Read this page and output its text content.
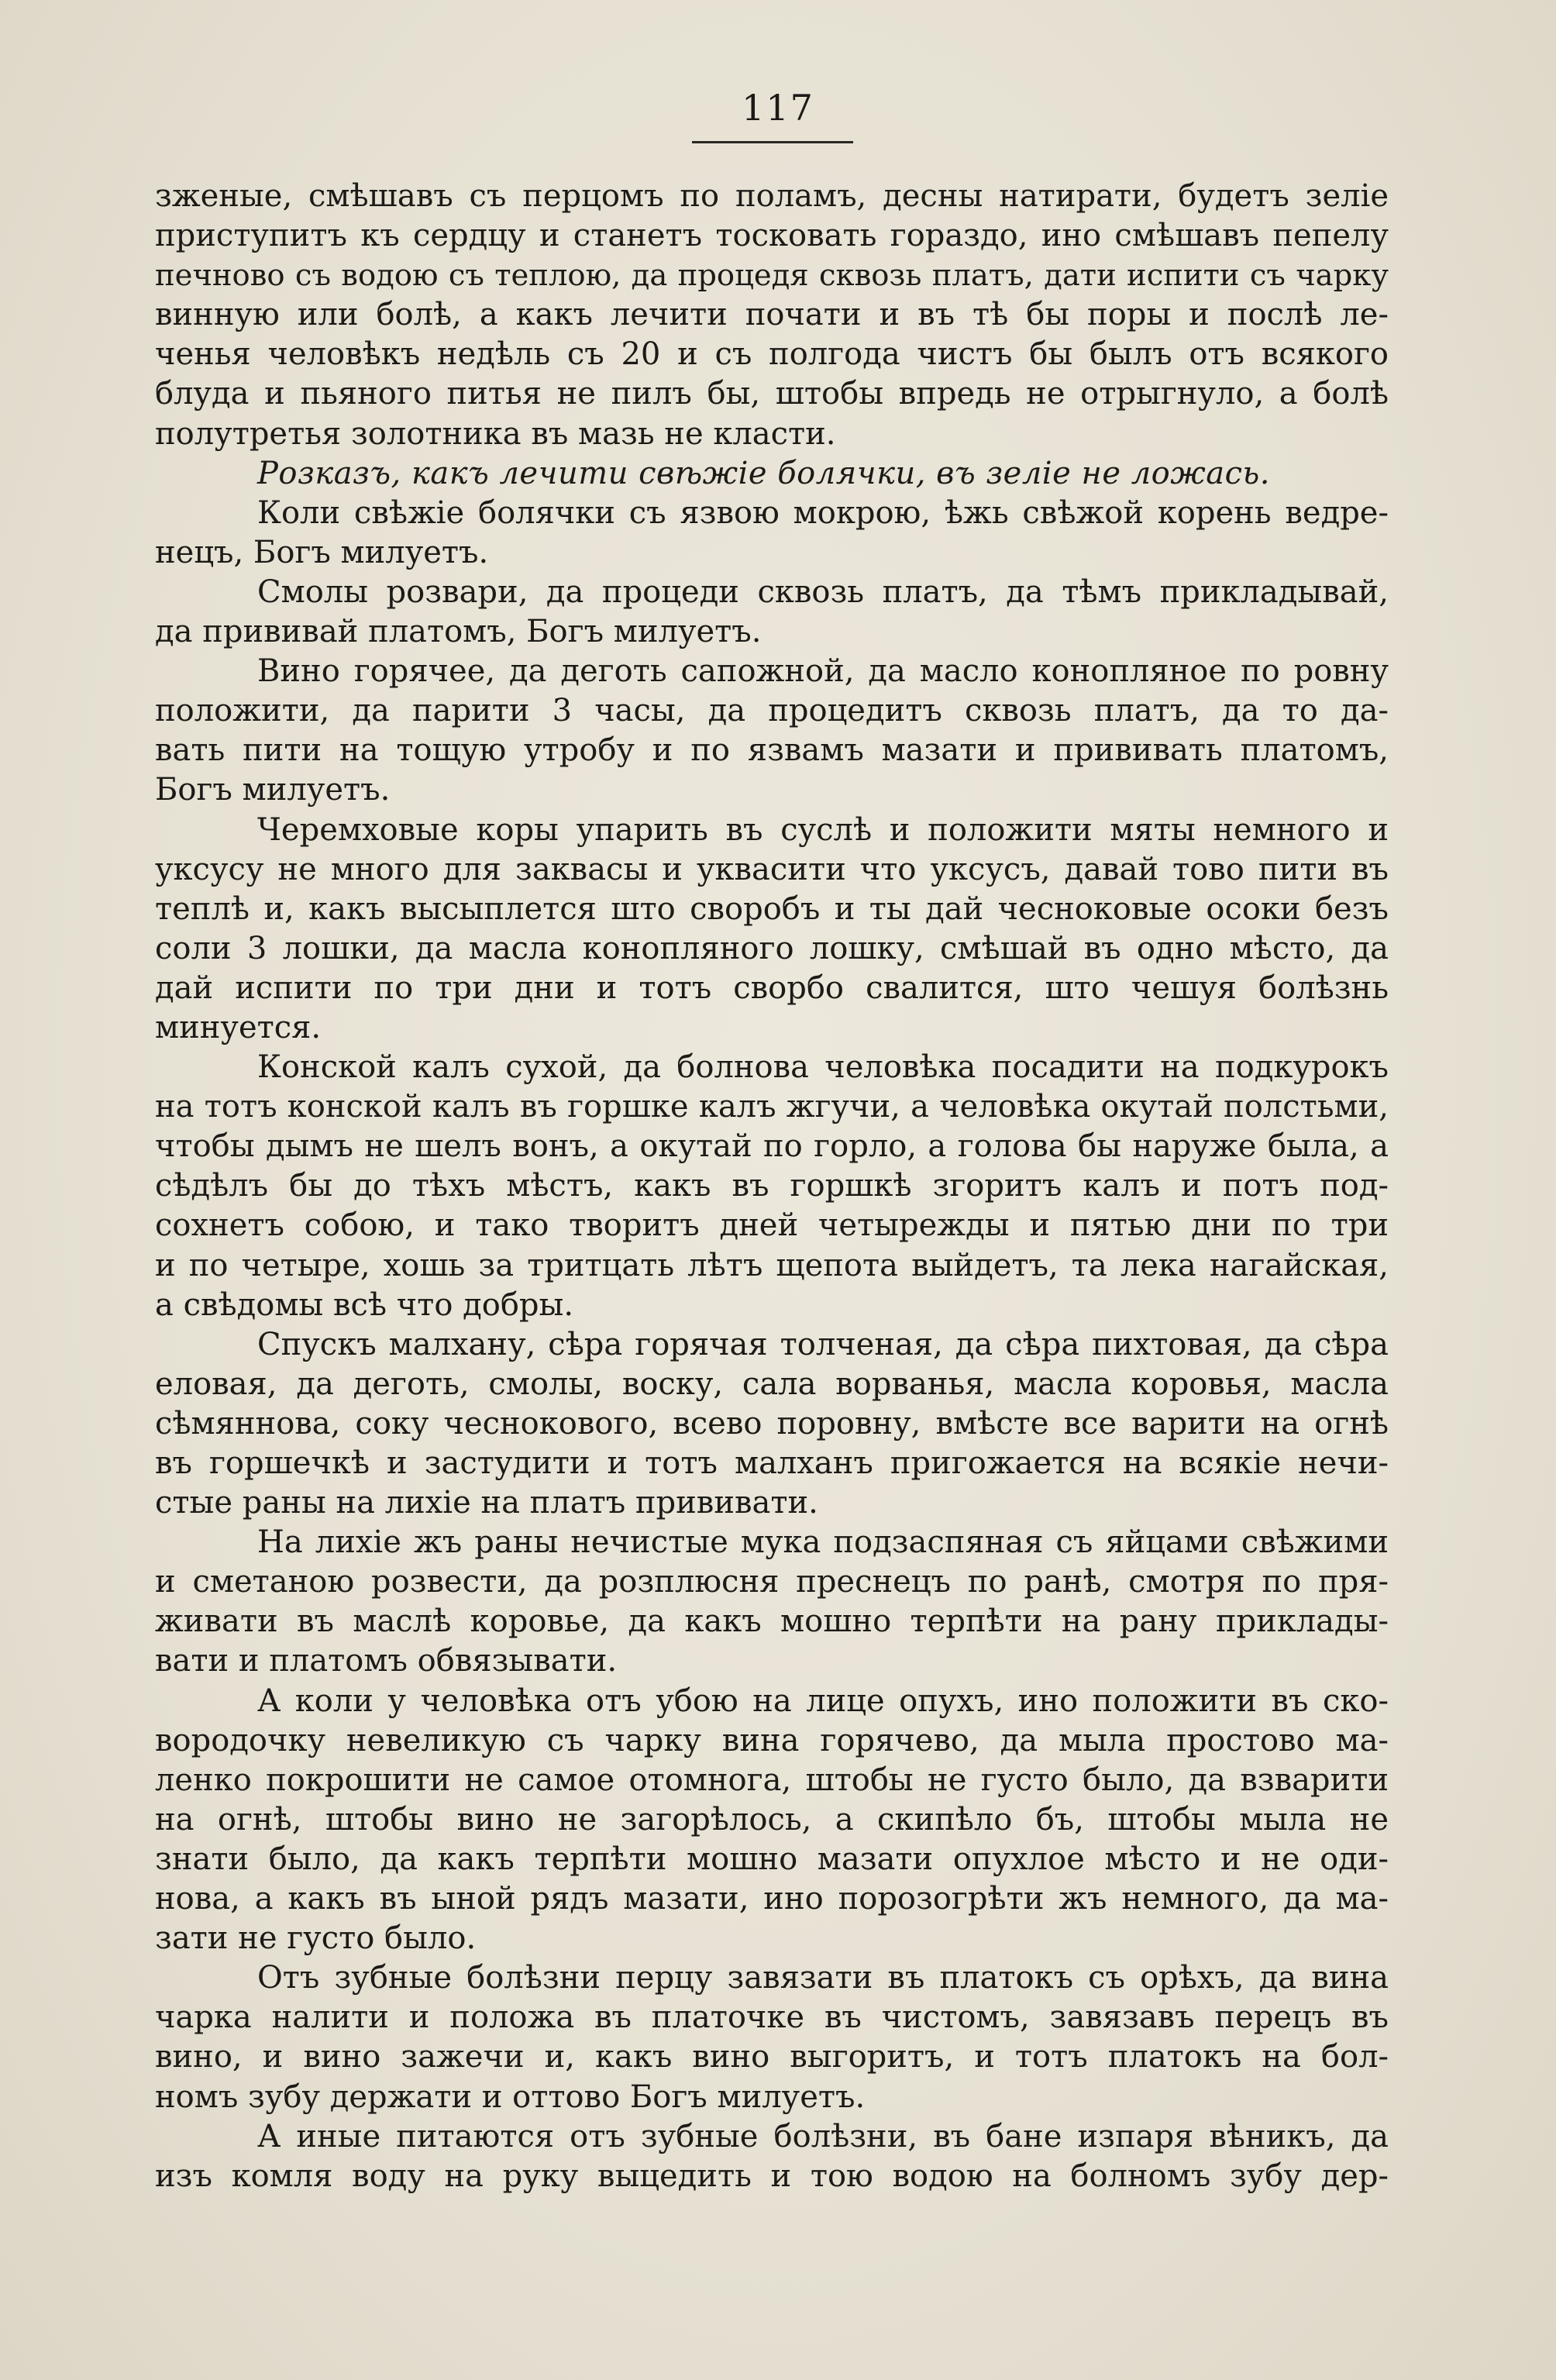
117
зженые, смѣшавъ съ перцомъ по поламъ, десны натирати, будетъ зеліе
приступитъ къ сердцу и станетъ тосковать гораздо, ино смѣшавъ пепелу
печново съ водою съ теплою, да процедя сквозь платъ, дати испити съ чарку
винную или болѣ, а какъ лечити почати и въ тѣ бы поры и послѣ ле-
ченья человѣкъ недѣль съ 20 и съ полгода чистъ бы былъ отъ всякого
блуда и пьяного питья не пилъ бы, штобы впредь не отрыгнуло, а болѣ
полутретья золотника въ мазь не класти.
Розказъ, какъ лечити свѣжіе болячки, въ зеліе не ложась.
Коли свѣжіе болячки съ язвою мокрою, ѣжь свѣжой корень ведре-
нецъ, Богъ милуетъ.
Смолы розвари, да процеди сквозь платъ, да тѣмъ прикладывай,
да прививай платомъ, Богъ милуетъ.
Вино горячее, да деготь сапожной, да масло конопляное по ровну
положити, да парити 3 часы, да процедитъ сквозь платъ, да то да-
вать пити на тощую утробу и по язвамъ мазати и прививать платомъ,
Богъ милуетъ.
Черемховые коры упарить въ суслѣ и положити мяты немного и
уксусу не много для заквасы и уквасити что уксусъ, давай тово пити въ
теплѣ и, какъ высыплется што своробъ и ты дай чесноковые осоки безъ
соли 3 лошки, да масла конопляного лошку, смѣшай въ одно мѣсто, да
дай испити по три дни и тотъ сворбо свалится, што чешуя болѣзнь
минуется.
Конской калъ сухой, да болнова человѣка посадити на подкурокъ
на тотъ конской калъ въ горшке калъ жгучи, а человѣка окутай полстьми,
чтобы дымъ не шелъ вонъ, а окутай по горло, а голова бы наруже была, а
сѣдѣлъ бы до тѣхъ мѣстъ, какъ въ горшкѣ згоритъ калъ и потъ под-
сохнетъ собою, и тако творитъ дней четырежды и пятью дни по три
и по четыре, хошь за тритцать лѣтъ щепота выйдетъ, та лека нагайская,
а свѣдомы всѣ что добры.
Спускъ малхану, сѣра горячая толченая, да сѣра пихтовая, да сѣра
еловая, да деготь, смолы, воску, сала ворванья, масла коровья, масла
сѣмяннова, соку чеснокового, всево поровну, вмѣсте все варити на огнѣ
въ горшечкѣ и застудити и тотъ малханъ пригожается на всякіе нечи-
стые раны на лихіе на платъ прививати.
На лихіе жъ раны нечистые мука подзаспяная съ яйцами свѣжими
и сметаною розвести, да розплюсня преснецъ по ранѣ, смотря по пря-
живати въ маслѣ коровье, да какъ мошно терпѣти на рану приклады-
вати и платомъ обвязывати.
А коли у человѣка отъ убою на лице опухъ, ино положити въ ско-
вородочку невеликую съ чарку вина горячево, да мыла простово ма-
ленко покрошити не самое отомнога, штобы не густо было, да взварити
на огнѣ, штобы вино не загорѣлось, а скипѣло бъ, штобы мыла не
знати было, да какъ терпѣти мошно мазати опухлое мѣсто и не оди-
нова, а какъ въ ыной рядъ мазати, ино порозогрѣти жъ немного, да ма-
зати не густо было.
Отъ зубные болѣзни перцу завязати въ платокъ съ орѣхъ, да вина
чарка налити и положа въ платочке въ чистомъ, завязавъ перецъ въ
вино, и вино зажечи и, какъ вино выгоритъ, и тотъ платокъ на бол-
номъ зубу держати и оттово Богъ милуетъ.
А иные питаются отъ зубные болѣзни, въ бане изпаря вѣникъ, да
изъ комля воду на руку выцедить и тою водою на болномъ зубу дер-
